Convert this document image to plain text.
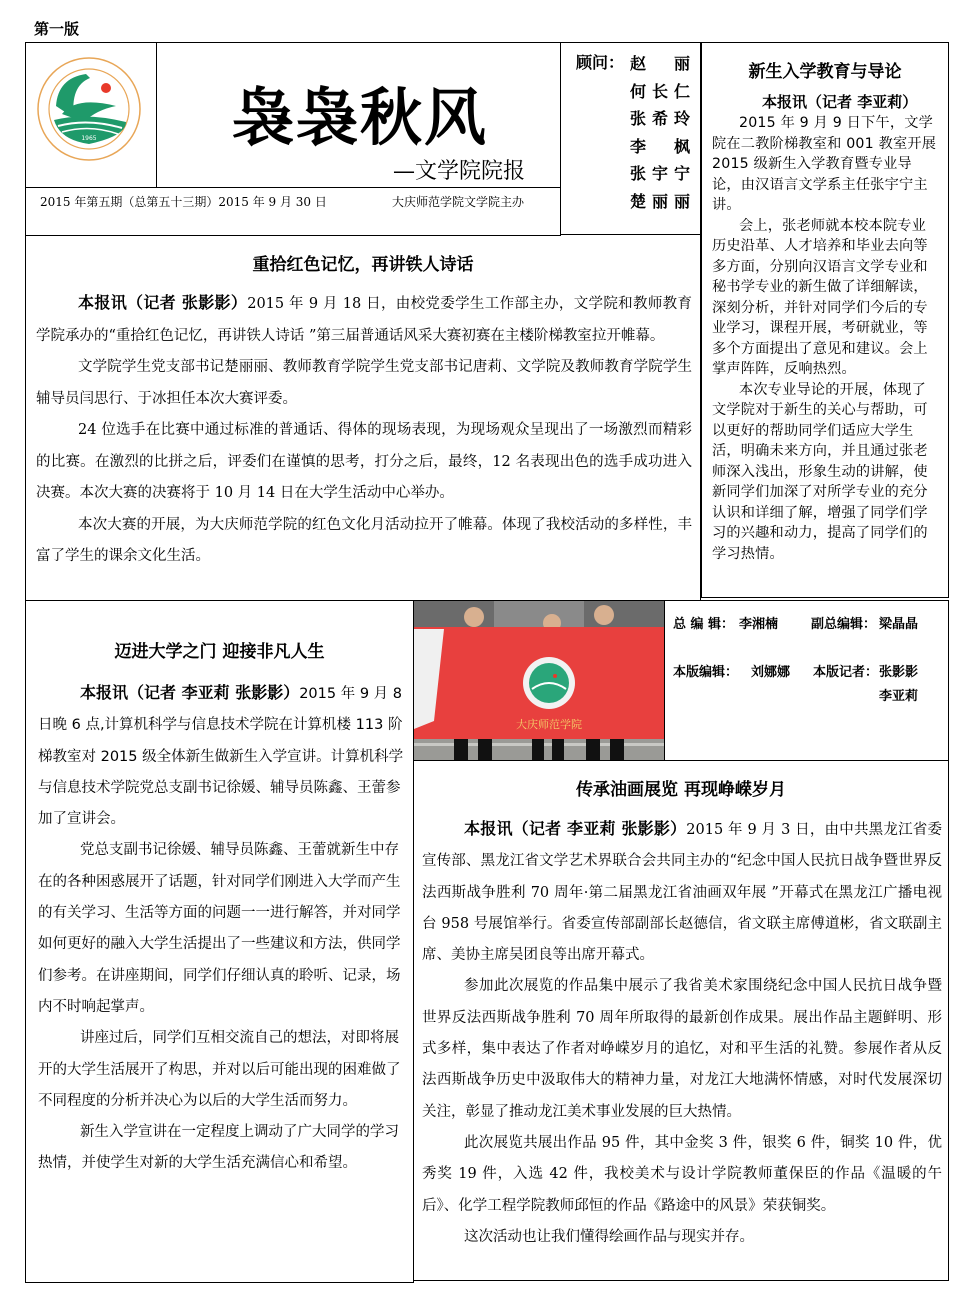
第一版
1965 袅袅秋风
—文学院院报
2015 年第五期（总第五十三期）2015 年 9 月 30 日	大庆师范学院文学院主办
顾问： 赵丽
何长仁
张希玲
李枫
张宇宁
楚丽丽
新生入学教育与导论
本报讯（记者 李亚莉）

2015 年 9 月 9 日下午，文学院在二教阶梯教室和 001 教室开展 2015 级新生入学教育暨专业导论，由汉语言文学系主任张宇宁主讲。

会上，张老师就本校本院专业历史沿革、人才培养和毕业去向等多方面，分别向汉语言文学专业和秘书学专业的新生做了详细解读，深刻分析，并针对同学们今后的专业学习，课程开展，考研就业，等多个方面提出了意见和建议。会上掌声阵阵，反响热烈。

本次专业导论的开展，体现了文学院对于新生的关心与帮助，可以更好的帮助同学们适应大学生活，明确未来方向，并且通过张老师深入浅出，形象生动的讲解，使新同学们加深了对所学专业的充分认识和详细了解，增强了同学们学习的兴趣和动力，提高了同学们的学习热情。

重拾红色记忆，再讲铁人诗话

本报讯（记者 张影影）2015 年 9 月 18 日，由校党委学生工作部主办，文学院和教师教育学院承办的“重拾红色记忆，再讲铁人诗话 ”第三届普通话风采大赛初赛在主楼阶梯教室拉开帷幕。

文学院学生党支部书记楚丽丽、教师教育学院学生党支部书记唐莉、文学院及教师教育学院学生辅导员闫思行、于冰担任本次大赛评委。

24 位选手在比赛中通过标准的普通话、得体的现场表现，为现场观众呈现出了一场激烈而精彩的比赛。在激烈的比拼之后，评委们在谨慎的思考，打分之后，最终，12 名表现出色的选手成功进入决赛。本次大赛的决赛将于 10 月 14 日在大学生活动中心举办。

本次大赛的开展，为大庆师范学院的红色文化月活动拉开了帷幕。体现了我校活动的多样性，丰富了学生的课余文化生活。

迈进大学之门 迎接非凡人生

本报讯（记者 李亚莉 张影影）2015 年 9 月 8 日晚 6 点,计算机科学与信息技术学院在计算机楼 113 阶梯教室对 2015 级全体新生做新生入学宣讲。计算机科学与信息技术学院党总支副书记徐媛、辅导员陈鑫、王蕾参加了宣讲会。

党总支副书记徐媛、辅导员陈鑫、王蕾就新生中存在的各种困惑展开了话题，针对同学们刚进入大学而产生的有关学习、生活等方面的问题一一进行解答，并对同学如何更好的融入大学生活提出了一些建议和方法，供同学们参考。在讲座期间，同学们仔细认真的聆听、记录，场内不时响起掌声。

讲座过后，同学们互相交流自己的想法，对即将展开的大学生活展开了构思，并对以后可能出现的困难做了不同程度的分析并决心为以后的大学生活而努力。

新生入学宣讲在一定程度上调动了广大同学的学习热情，并使学生对新的大学生活充满信心和希望。

大庆师范学院
总 编 辑： 李湘楠	副总编辑： 梁晶晶
本版编辑： 刘娜娜 本版记者： 张影影
李亚莉
传承油画展览 再现峥嵘岁月

本报讯（记者 李亚莉 张影影）2015 年 9 月 3 日，由中共黑龙江省委宣传部、黑龙江省文学艺术界联合会共同主办的“纪念中国人民抗日战争暨世界反法西斯战争胜利 70 周年·第二届黑龙江省油画双年展 ”开幕式在黑龙江广播电视台 958 号展馆举行。省委宣传部副部长赵德信，省文联主席傅道彬，省文联副主席、美协主席吴团良等出席开幕式。

参加此次展览的作品集中展示了我省美术家围绕纪念中国人民抗日战争暨世界反法西斯战争胜利 70 周年所取得的最新创作成果。展出作品主题鲜明、形式多样，集中表达了作者对峥嵘岁月的追忆，对和平生活的礼赞。参展作者从反法西斯战争历史中汲取伟大的精神力量，对龙江大地满怀情感，对时代发展深切关注，彰显了推动龙江美术事业发展的巨大热情。

此次展览共展出作品 95 件，其中金奖 3 件，银奖 6 件，铜奖 10 件，优秀奖 19 件，入选 42 件，我校美术与设计学院教师董保臣的作品《温暖的午后》、化学工程学院教师邱恒的作品《路途中的风景》荣获铜奖。

这次活动也让我们懂得绘画作品与现实并存。
